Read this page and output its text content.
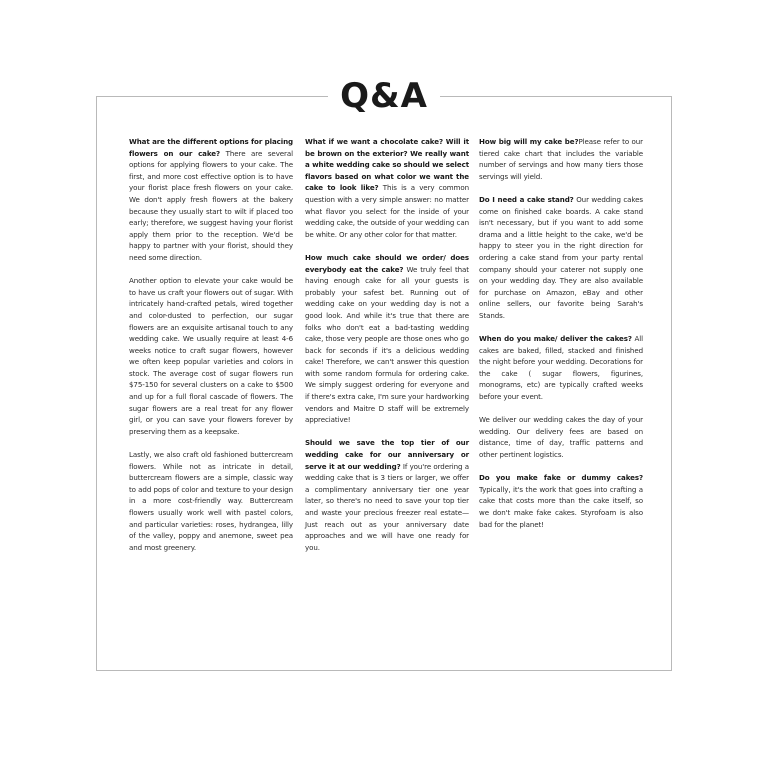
Q&A

What are the different options for placing flowers on our cake? There are several options for applying flowers to your cake. The first, and more cost effective option is to have your florist place fresh flowers on your cake. We don't apply fresh flowers at the bakery because they usually start to wilt if placed too early; therefore, we suggest having your florist apply them prior to the reception. We'd be happy to partner with your florist, should they need some direction.

Another option to elevate your cake would be to have us craft your flowers out of sugar. With intricately hand-crafted petals, wired together and color-dusted to perfection, our sugar flowers are an exquisite artisanal touch to any wedding cake. We usually require at least 4-6 weeks notice to craft sugar flowers, however we often keep popular varieties and colors in stock. The average cost of sugar flowers run $75-150 for several clusters on a cake to $500 and up for a full floral cascade of flowers. The sugar flowers are a real treat for any flower girl, or you can save your flowers forever by preserving them as a keepsake.

Lastly, we also craft old fashioned buttercream flowers. While not as intricate in detail, buttercream flowers are a simple, classic way to add pops of color and texture to your design in a more cost-friendly way. Buttercream flowers usually work well with pastel colors, and particular varieties: roses, hydrangea, lilly of the valley, poppy and anemone, sweet pea and most greenery.

What if we want a chocolate cake? Will it be brown on the exterior? We really want a white wedding cake so should we select flavors based on what color we want the cake to look like? This is a very common question with a very simple answer: no matter what flavor you select for the inside of your wedding cake, the outside of your wedding can be white. Or any other color for that matter.

How much cake should we order/ does everybody eat the cake? We truly feel that having enough cake for all your guests is probably your safest bet. Running out of wedding cake on your wedding day is not a good look. And while it's true that there are folks who don't eat a bad-tasting wedding cake, those very people are those ones who go back for seconds if it's a delicious wedding cake! Therefore, we can't answer this question with some random formula for ordering cake. We simply suggest ordering for everyone and if there's extra cake, I'm sure your hardworking vendors and Maitre D staff will be extremely appreciative!

Should we save the top tier of our wedding cake for our anniversary or serve it at our wedding? If you're ordering a wedding cake that is 3 tiers or larger, we offer a complimentary anniversary tier one year later, so there's no need to save your top tier and waste your precious freezer real estate— Just reach out as your anniversary date approaches and we will have one ready for you.

How big will my cake be?Please refer to our tiered cake chart that includes the variable number of servings and how many tiers those servings will yield.

Do I need a cake stand? Our wedding cakes come on finished cake boards. A cake stand isn't necessary, but if you want to add some drama and a little height to the cake, we'd be happy to steer you in the right direction for ordering a cake stand from your party rental company should your caterer not supply one on your wedding day. They are also available for purchase on Amazon, eBay and other online sellers, our favorite being Sarah's Stands.

When do you make/ deliver the cakes? All cakes are baked, filled, stacked and finished the night before your wedding. Decorations for the cake ( sugar flowers, figurines, monograms, etc) are typically crafted weeks before your event.

We deliver our wedding cakes the day of your wedding. Our delivery fees are based on distance, time of day, traffic patterns and other pertinent logistics.

Do you make fake or dummy cakes? Typically, it's the work that goes into crafting a cake that costs more than the cake itself, so we don't make fake cakes. Styrofoam is also bad for the planet!
